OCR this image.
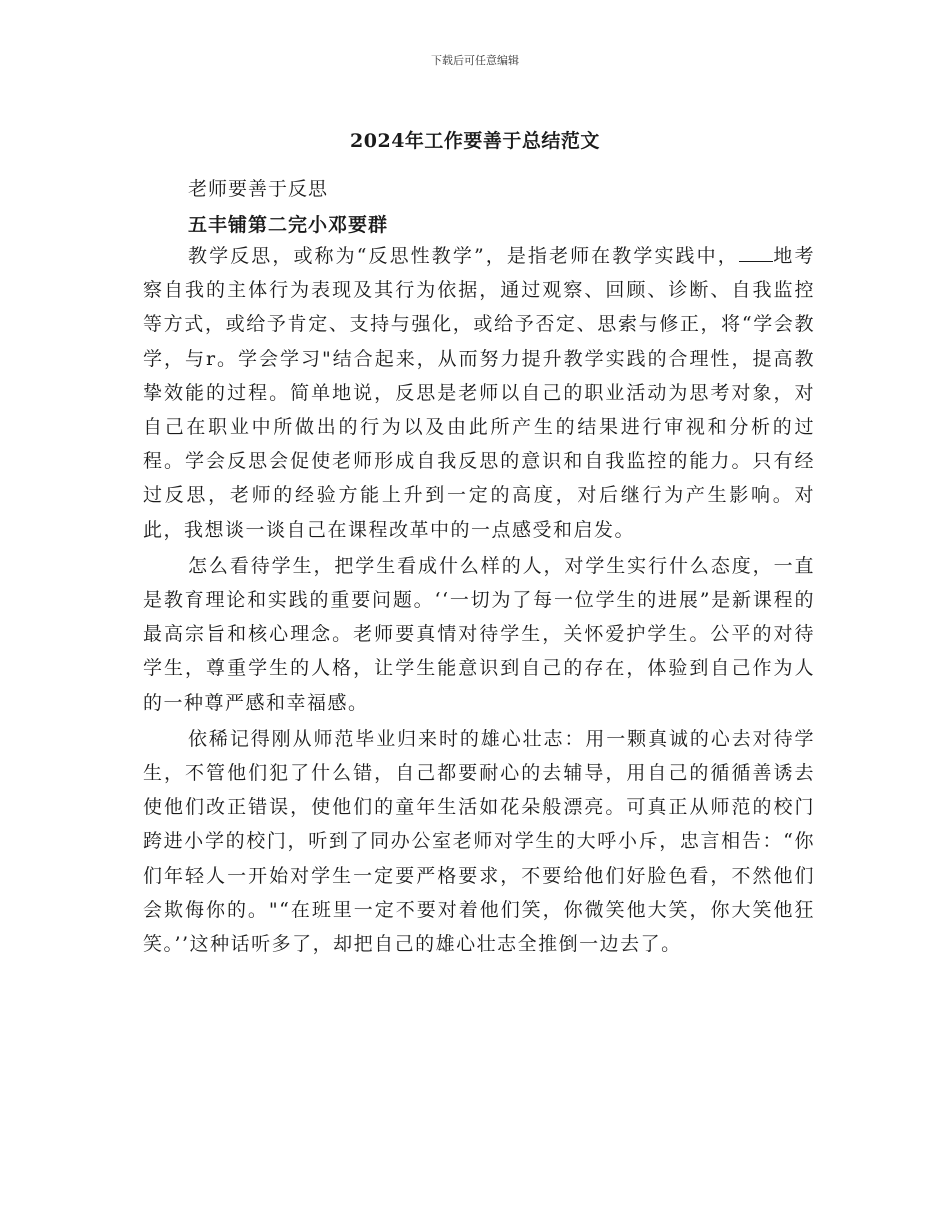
下载后可任意编辑
2024年工作要善于总结范文
老师要善于反思
五丰铺第二完小邓要群

教学反思，或称为“反思性教学”，是指老师在教学实践中， 地考察自我的主体行为表现及其行为依据，通过观察、回顾、诊断、自我监控等方式，或给予肯定、支持与强化，或给予否定、思索与修正，将“学会教学，与r。学会学习"结合起来，从而努力提升教学实践的合理性，提高教挚效能的过程。简单地说，反思是老师以自己的职业活动为思考对象，对自己在职业中所做出的行为以及由此所产生的结果进行审视和分析的过程。学会反思会促使老师形成自我反思的意识和自我监控的能力。只有经过反思，老师的经验方能上升到一定的高度，对后继行为产生影响。对此，我想谈一谈自己在课程改革中的一点感受和启发。

怎么看待学生，把学生看成什么样的人，对学生实行什么态度，一直是教育理论和实践的重要问题。‘‘一切为了每一位学生的进展”是新课程的最高宗旨和核心理念。老师要真情对待学生，关怀爱护学生。公平的对待学生，尊重学生的人格，让学生能意识到自己的存在，体验到自己作为人的一种尊严感和幸福感。

依稀记得刚从师范毕业归来时的雄心壮志：用一颗真诚的心去对待学生，不管他们犯了什么错，自己都要耐心的去辅导，用自己的循循善诱去使他们改正错误，使他们的童年生活如花朵般漂亮。可真正从师范的校门跨进小学的校门，听到了同办公室老师对学生的大呼小斥，忠言相告：“你们年轻人一开始对学生一定要严格要求，不要给他们好脸色看，不然他们会欺侮你的。"“在班里一定不要对着他们笑，你微笑他大笑，你大笑他狂笑。’’这种话听多了，却把自己的雄心壮志全推倒一边去了。
